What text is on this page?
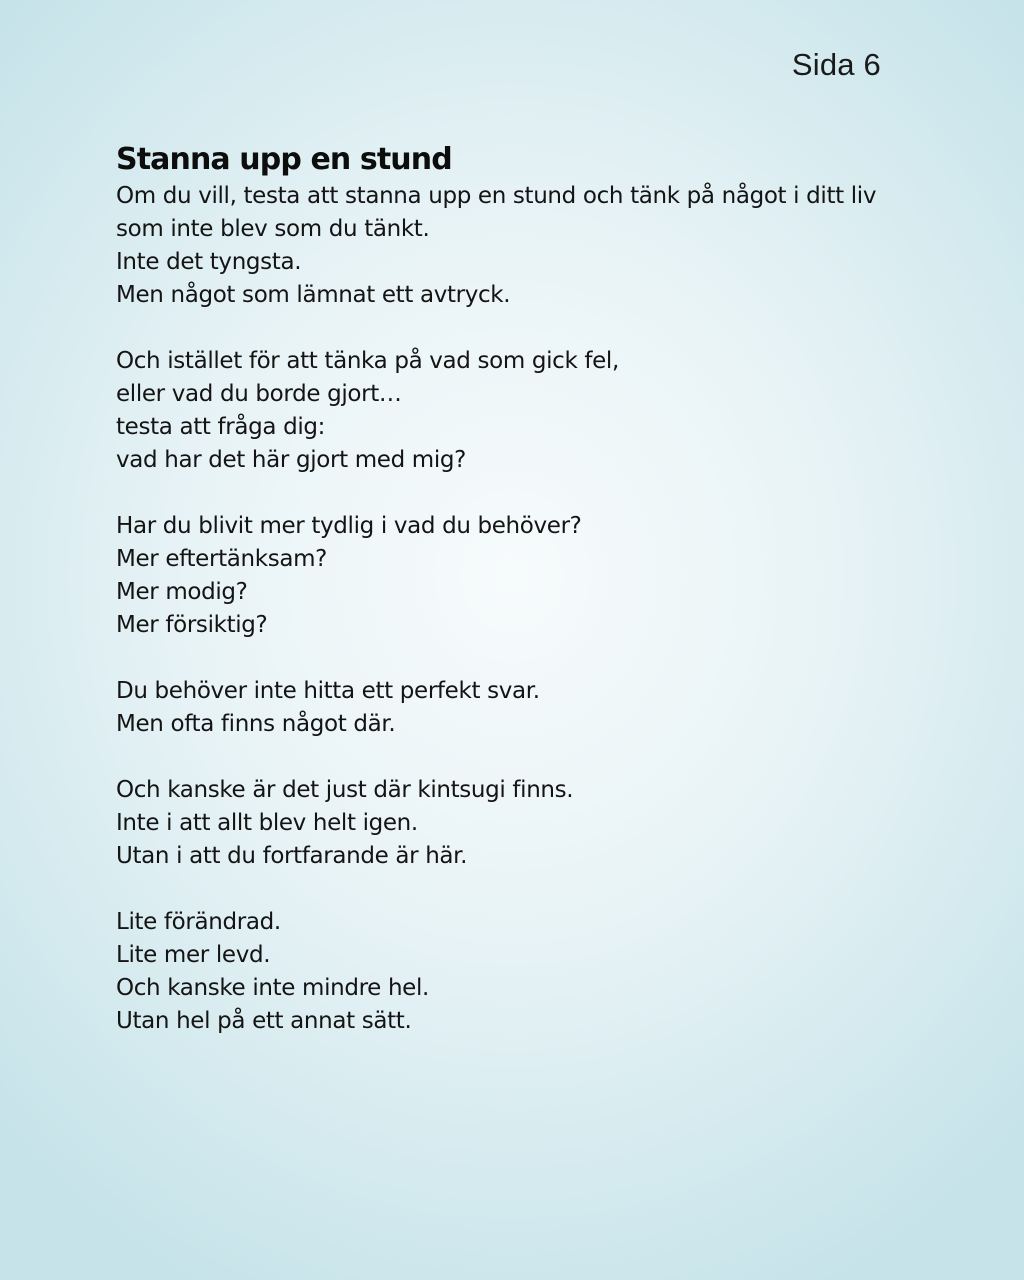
Sida 6
Stanna upp en stund
Om du vill, testa att stanna upp en stund och tänk på något i ditt liv
som inte blev som du tänkt.
Inte det tyngsta.
Men något som lämnat ett avtryck.
Och istället för att tänka på vad som gick fel,
eller vad du borde gjort…
testa att fråga dig:
vad har det här gjort med mig?
Har du blivit mer tydlig i vad du behöver?
Mer eftertänksam?
Mer modig?
Mer försiktig?
Du behöver inte hitta ett perfekt svar.
Men ofta finns något där.
Och kanske är det just där kintsugi finns.
Inte i att allt blev helt igen.
Utan i att du fortfarande är här.
Lite förändrad.
Lite mer levd.
Och kanske inte mindre hel.
Utan hel på ett annat sätt.
